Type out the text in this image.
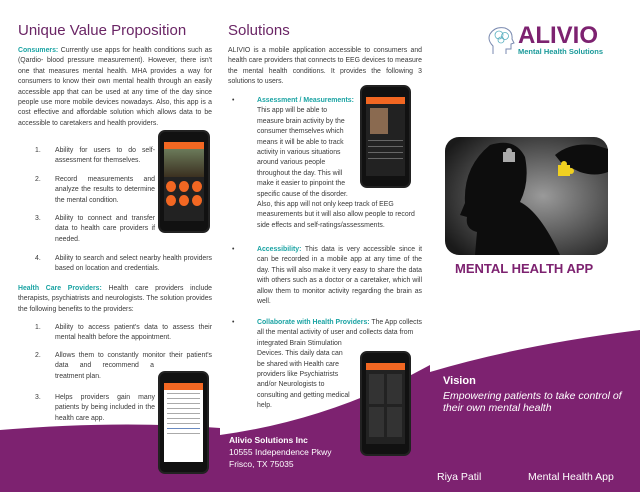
Unique Value Proposition
Consumers: Currently use apps for health conditions such as (Qardio- blood pressure measurement). However, there isn't one that measures mental health. MHA provides a way for consumers to know their own mental health through an easily accessible app that can be used at any time of the day since people use more mobile devices nowadays. Also, this app is a cost effective and affordable solution which allows data to be accessible to caretakers and health providers.
1.	Ability for users to do self-assessment for themselves.
2.	Record measurements and analyze the results to determine the mental condition.
3.	Ability to connect and transfer data to health care providers if needed.
4.	Ability to search and select nearby health providers based on location and credentials.
Health Care Providers: Health care providers include therapists, psychiatrists and neurologists. The solution provides the following benefits to the providers:
1.	Ability to access patient's data to assess their mental health before the appointment.
2.	Allows them to constantly monitor their patient's data and recommend a treatment plan.
3.	Helps providers gain many patients by being included in the health care app.
Solutions
ALIVIO is a mobile application accessible to consumers and health care providers that connects to EEG devices to measure the mental health conditions. It provides the following 3 solutions to users.
•	Assessment / Measurements: This app will be able to measure brain activity by the consumer themselves which means it will be able to track activity in various situations around various people throughout the day. This will make it easier to pinpoint the specific cause of the disorder.
Also, this app will not only keep track of EEG measurements but it will also allow people to record side effects and self-ratings/assessments.
•	Accessibility: This data is very accessible since it can be recorded in a mobile app at any time of the day. This will also make it very easy to share the data with others such as a doctor or a caretaker, which will allow them to monitor activity regarding the brain as well.
•	Collaborate with Health Providers: The App collects all the mental activity of user and collects data from integrated Brain Stimulation Devices. This daily data can be shared with Health care providers like Psychiatrists and/or Neurologists to consulting and getting medical help.
Alivio Solutions Inc
10555 Independence Pkwy
Frisco, TX 75035
ALIVIO
Mental Health Solutions
MENTAL HEALTH APP
Vision
Empowering patients to take control of their own mental health
Riya Patil	Mental Health App
